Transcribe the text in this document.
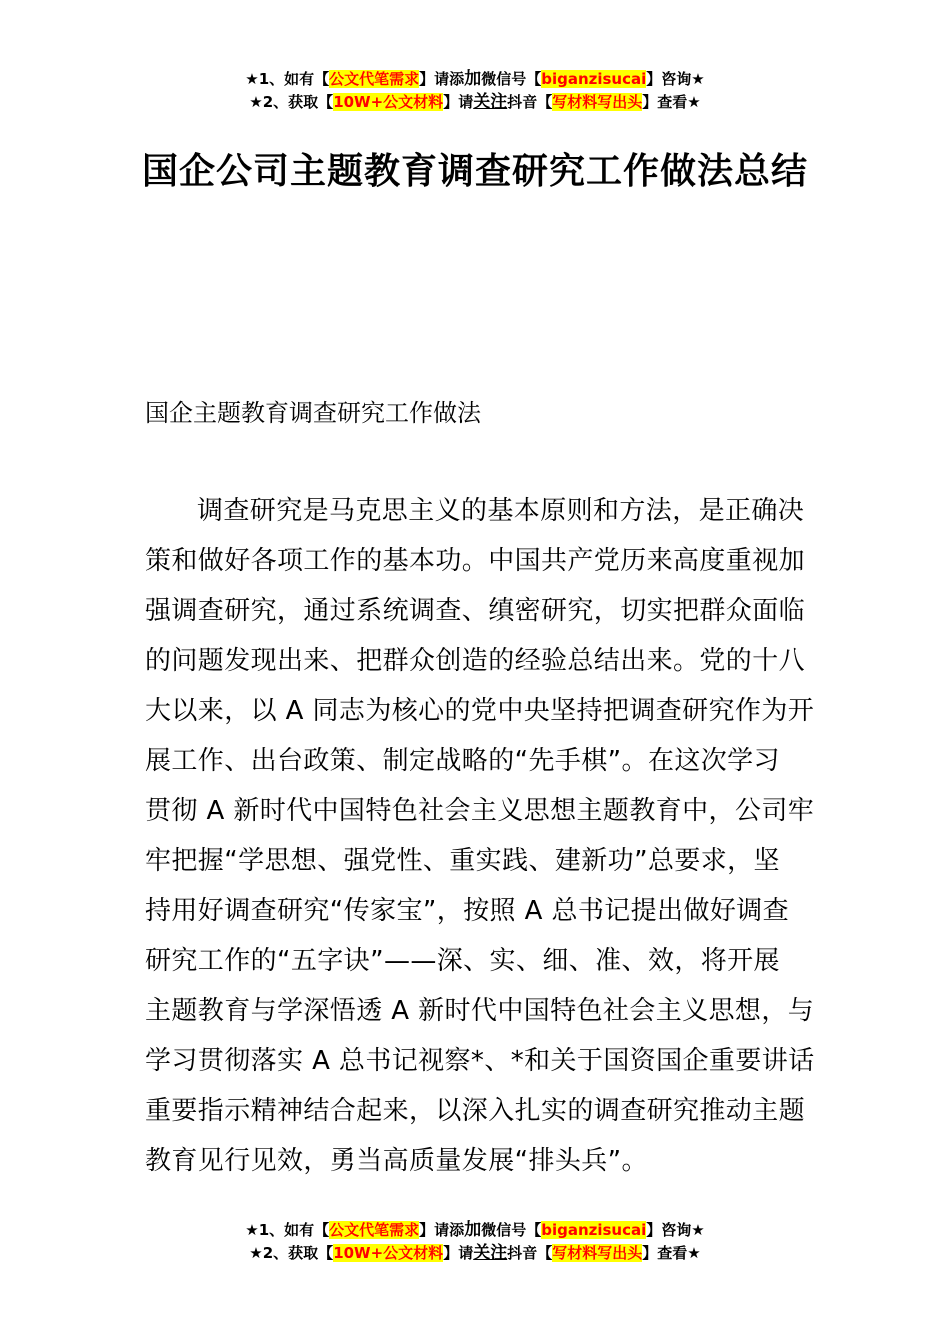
★1、如有【公文代笔需求】请添加微信号【biganzisucai】咨询★
★2、获取【10W+公文材料】请关注抖音【写材料写出头】查看★
国企公司主题教育调查研究工作做法总结
国企主题教育调查研究工作做法
调查研究是马克思主义的基本原则和方法，是正确决
策和做好各项工作的基本功。中国共产党历来高度重视加
强调查研究，通过系统调查、缜密研究，切实把群众面临
的问题发现出来、把群众创造的经验总结出来。党的十八
大以来，以 A 同志为核心的党中央坚持把调查研究作为开
展工作、出台政策、制定战略的“先手棋”。在这次学习
贯彻 A 新时代中国特色社会主义思想主题教育中，公司牢
牢把握“学思想、强党性、重实践、建新功”总要求，坚
持用好调查研究“传家宝”，按照 A 总书记提出做好调查
研究工作的“五字诀”——深、实、细、准、效，将开展
主题教育与学深悟透 A 新时代中国特色社会主义思想，与
学习贯彻落实 A 总书记视察*、*和关于国资国企重要讲话
重要指示精神结合起来，以深入扎实的调查研究推动主题
教育见行见效，勇当高质量发展“排头兵”。
★1、如有【公文代笔需求】请添加微信号【biganzisucai】咨询★
★2、获取【10W+公文材料】请关注抖音【写材料写出头】查看★
